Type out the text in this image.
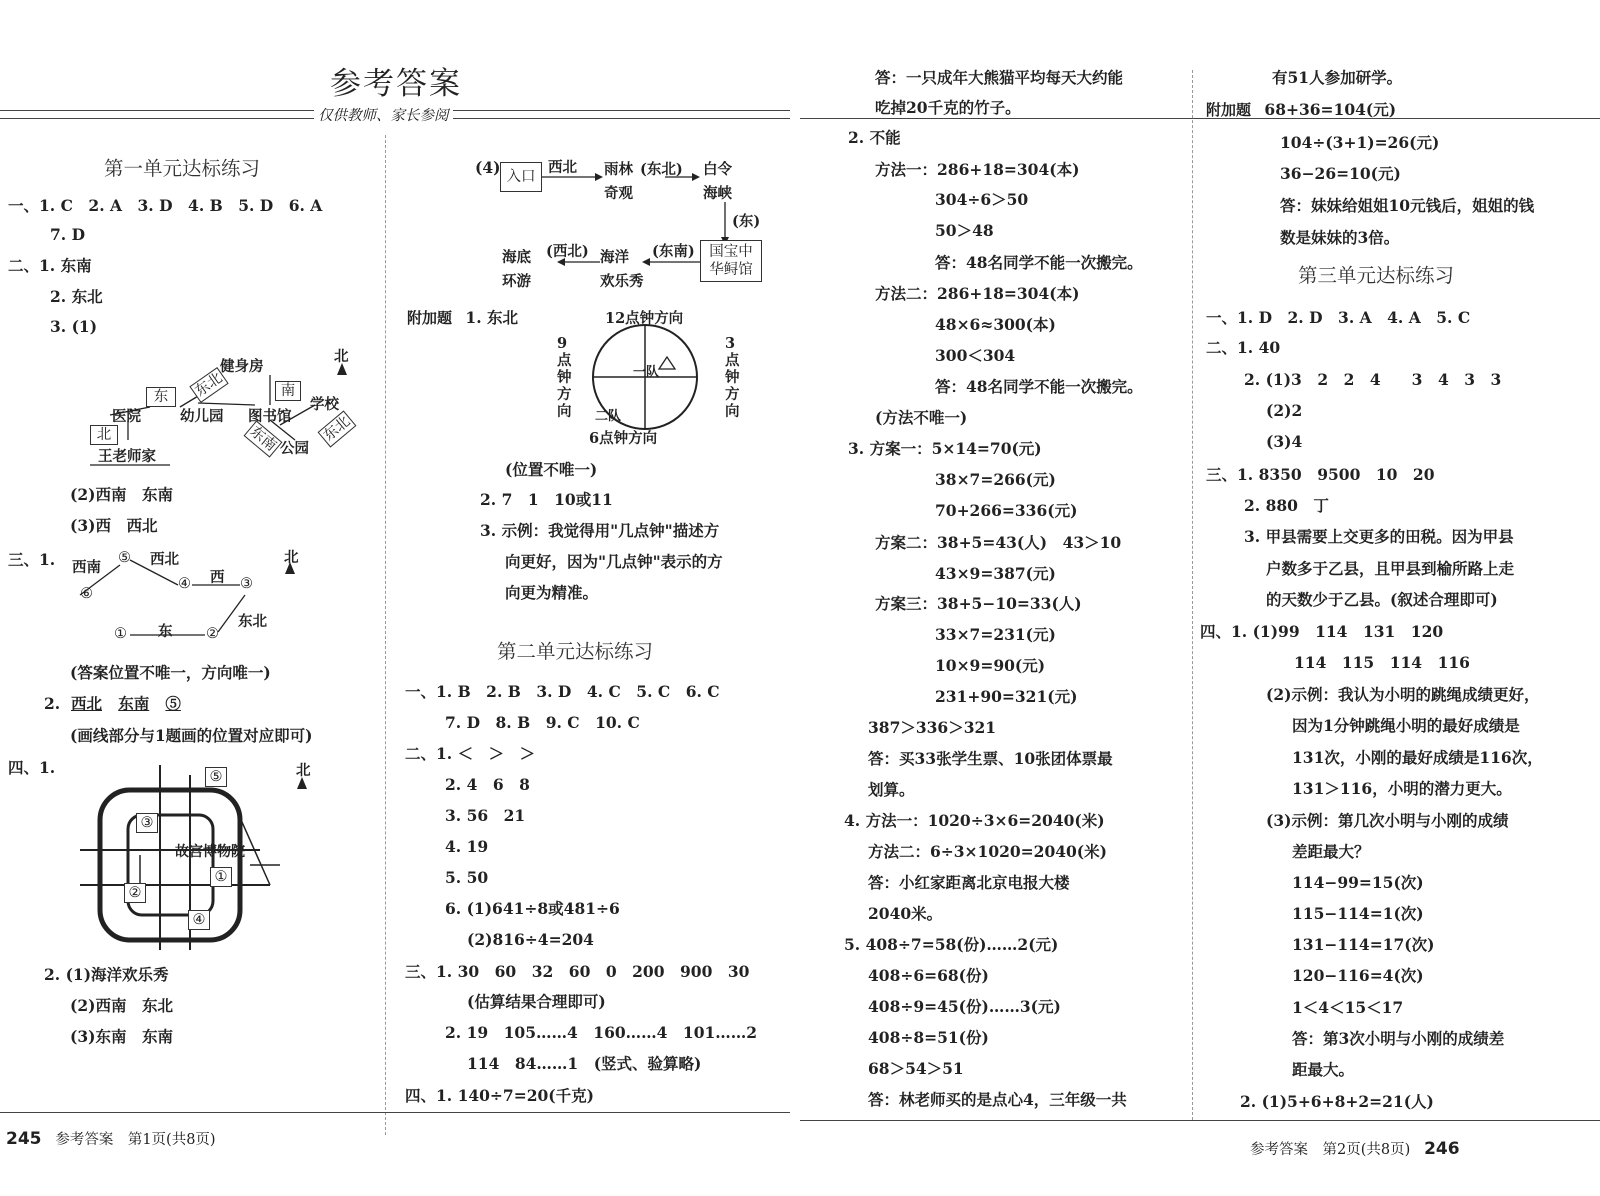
参考答案
仅供教师、家长参阅
第一单元达标练习
一、1. C　2. A　3. D　4. B　5. D　6. A
7. D
二、1. 东南
2. 东北
3. (1)
北
健身房
东北
东	南
医院	幼儿园 图书馆
学校
北	东南 公园
东北
王老师家
(2)西南　东南
(3)西　西北
三、1.	北
西南
⑤ 西北
④ 西 ③
⑥
东北
东
①	②
(答案位置不唯一，方向唯一)
2. 西北 东南 ⑤
(画线部分与1题画的位置对应即可)
四、1.	⑤
③
故宫博物院
①
②
④
北
2. (1)海洋欢乐秀
(2)西南　东北
(3)东南　东南
(4) 入口
西北 雨林
奇观
(东北) 白令
海峡
(东)
国宝中
华鲟馆
(东南)
海洋
欢乐秀
(西北)
海底
环游
附加题 1. 东北	12点钟方向
9点钟方向
3点钟方向
一队
二队
6点钟方向
(位置不唯一)
2. 7　1　10或11
3. 示例：我觉得用"几点钟"描述方
向更好，因为"几点钟"表示的方
向更为精准。
第二单元达标练习
一、1. B　2. B　3. D　4. C　5. C　6. C
7. D　8. B　9. C　10. C
二、1. ＜　＞　＞
2. 4　6　8
3. 56　21
4. 19
5. 50
6. (1)641÷8或481÷6
(2)816÷4=204
三、1. 30　60　32　60　0　200　900　30
(估算结果合理即可)
2. 19　105……4　160……4　101……2
114　84……1　(竖式、验算略)
四、1. 140÷7=20(千克)
245 参考答案　第1页(共8页)
答：一只成年大熊猫平均每天大约能
吃掉20千克的竹子。
2. 不能
方法一：286+18=304(本)
304÷6＞50
50＞48
答：48名同学不能一次搬完。
方法二：286+18=304(本)
48×6≈300(本)
300＜304
答：48名同学不能一次搬完。
(方法不唯一)
3. 方案一：5×14=70(元)
38×7=266(元)
70+266=336(元)
方案二：38+5=43(人)　43＞10
43×9=387(元)
方案三：38+5−10=33(人)
33×7=231(元)
10×9=90(元)
231+90=321(元)
387＞336＞321
答：买33张学生票、10张团体票最
划算。
4. 方法一：1020÷3×6=2040(米)
方法二：6÷3×1020=2040(米)
答：小红家距离北京电报大楼
2040米。
5. 408÷7=58(份)……2(元)
408÷6=68(份)
408÷9=45(份)……3(元)
408÷8=51(份)
68＞54＞51
答：林老师买的是点心4，三年级一共
有51人参加研学。
附加题 68+36=104(元)
104÷(3+1)=26(元)
36−26=10(元)
答：妹妹给姐姐10元钱后，姐姐的钱
数是妹妹的3倍。
第三单元达标练习
一、1. D　2. D　3. A　4. A　5. C
二、1. 40
2. (1)3　2　2　4　　3　4　3　3
(2)2
(3)4
三、1. 8350　9500　10　20
2. 880　丁
3. 甲县需要上交更多的田税。因为甲县
户数多于乙县，且甲县到榆所路上走
的天数少于乙县。(叙述合理即可)
四、1. (1)99　114　131　120
114　115　114　116
(2)示例：我认为小明的跳绳成绩更好，
因为1分钟跳绳小明的最好成绩是
131次，小刚的最好成绩是116次，
131＞116，小明的潜力更大。
(3)示例：第几次小明与小刚的成绩
差距最大？
114−99=15(次)
115−114=1(次)
131−114=17(次)
120−116=4(次)
1＜4＜15＜17
答：第3次小明与小刚的成绩差
距最大。
2. (1)5+6+8+2=21(人)
参考答案　第2页(共8页) 246
